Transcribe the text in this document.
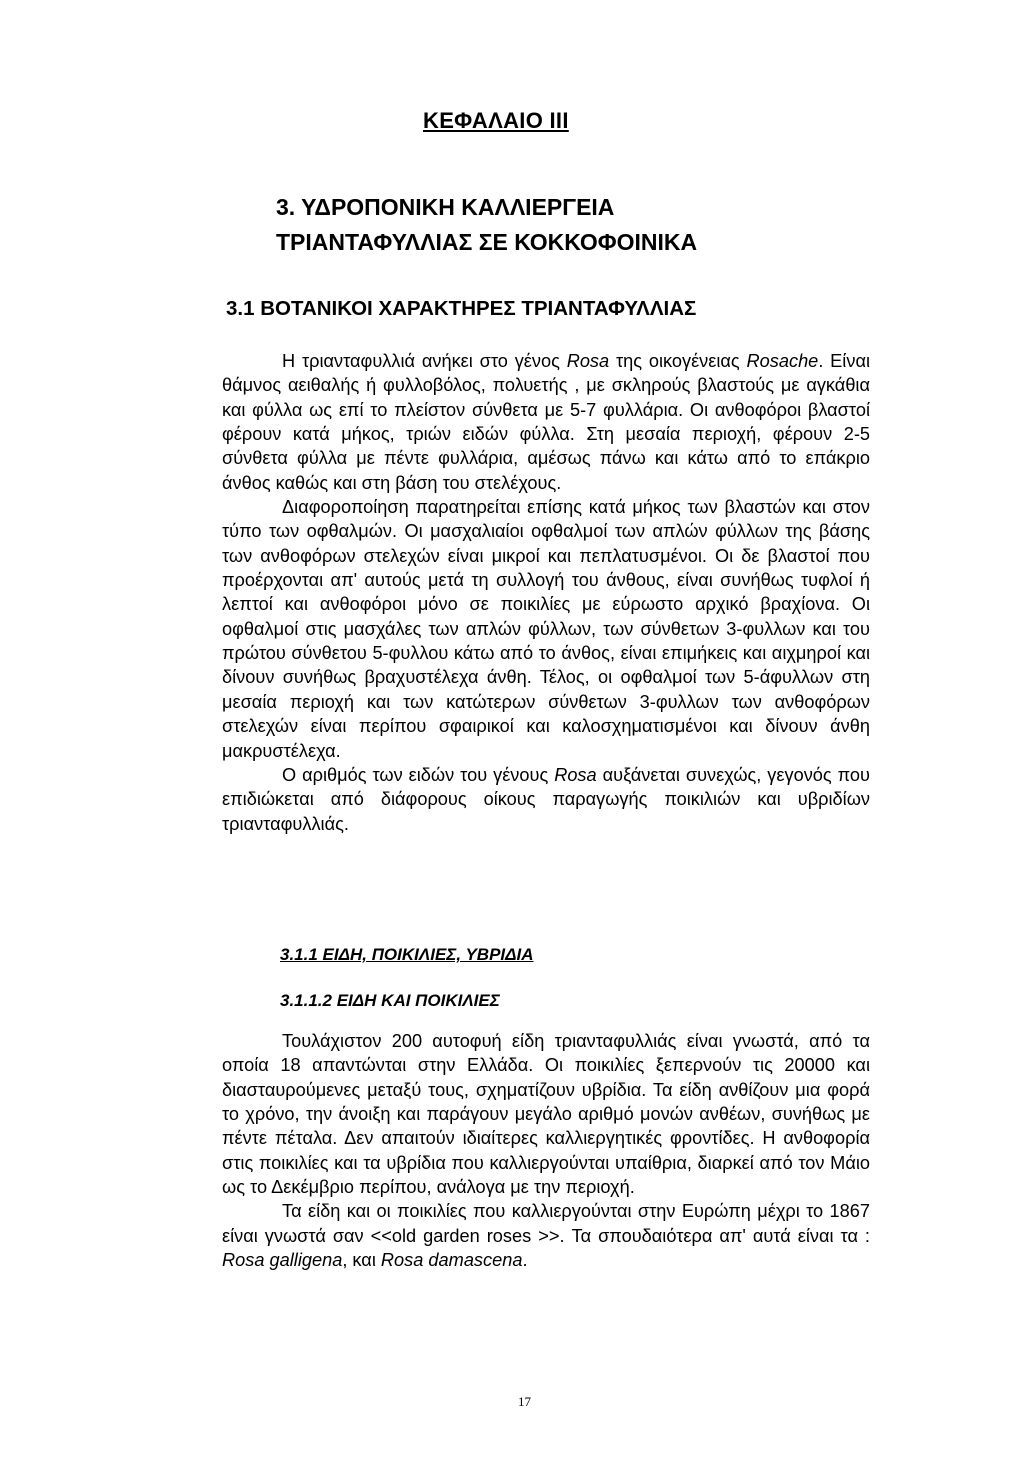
ΚΕΦΑΛΑΙΟ III
3. ΥΔΡΟΠΟΝΙΚΗ ΚΑΛΛΙΕΡΓΕΙΑ
ΤΡΙΑΝΤΑΦΥΛΛΙΑΣ ΣΕ ΚΟΚΚΟΦΟΙΝΙΚΑ
3.1 ΒΟΤΑΝΙΚΟΙ ΧΑΡΑΚΤΗΡΕΣ ΤΡΙΑΝΤΑΦΥΛΛΙΑΣ

Η τριανταφυλλιά ανήκει στο γένος Rosa της οικογένειας Rosache. Είναι θάμνος αειθαλής ή φυλλοβόλος, πολυετής , με σκληρούς βλαστούς με αγκάθια και φύλλα ως επί το πλείστον σύνθετα με 5-7 φυλλάρια. Οι ανθοφόροι βλαστοί φέρουν κατά μήκος, τριών ειδών φύλλα. Στη μεσαία περιοχή, φέρουν 2-5 σύνθετα φύλλα με πέντε φυλλάρια, αμέσως πάνω και κάτω από το επάκριο άνθος καθώς και στη βάση του στελέχους.

Διαφοροποίηση παρατηρείται επίσης κατά μήκος των βλαστών και στον τύπο των οφθαλμών. Οι μασχαλιαίοι οφθαλμοί των απλών φύλλων της βάσης των ανθοφόρων στελεχών είναι μικροί και πεπλατυσμένοι. Οι δε βλαστοί που προέρχονται απ' αυτούς μετά τη συλλογή του άνθους, είναι συνήθως τυφλοί ή λεπτοί και ανθοφόροι μόνο σε ποικιλίες με εύρωστο αρχικό βραχίονα. Οι οφθαλμοί στις μασχάλες των απλών φύλλων, των σύνθετων 3-φυλλων και του πρώτου σύνθετου 5-φυλλου κάτω από το άνθος, είναι επιμήκεις και αιχμηροί και δίνουν συνήθως βραχυστέλεχα άνθη. Τέλος, οι οφθαλμοί των 5-άφυλλων στη μεσαία περιοχή και των κατώτερων σύνθετων 3-φυλλων των ανθοφόρων στελεχών είναι περίπου σφαιρικοί και καλοσχηματισμένοι και δίνουν άνθη μακρυστέλεχα.

Ο αριθμός των ειδών του γένους Rosa αυξάνεται συνεχώς, γεγονός που επιδιώκεται από διάφορους οίκους παραγωγής ποικιλιών και υβριδίων τριανταφυλλιάς.

3.1.1 ΕΙΔΗ, ΠΟΙΚΙΛΙΕΣ, ΥΒΡΙΔΙΑ
3.1.1.2 ΕΙΔΗ ΚΑΙ ΠΟΙΚΙΛΙΕΣ

Τουλάχιστον 200 αυτοφυή είδη τριανταφυλλιάς είναι γνωστά, από τα οποία 18 απαντώνται στην Ελλάδα. Οι ποικιλίες ξεπερνούν τις 20000 και διασταυρούμενες μεταξύ τους, σχηματίζουν υβρίδια. Τα είδη ανθίζουν μια φορά το χρόνο, την άνοιξη και παράγουν μεγάλο αριθμό μονών ανθέων, συνήθως με πέντε πέταλα. Δεν απαιτούν ιδιαίτερες καλλιεργητικές φροντίδες. Η ανθοφορία στις ποικιλίες και τα υβρίδια που καλλιεργούνται υπαίθρια, διαρκεί από τον Μάιο ως το Δεκέμβριο περίπου, ανάλογα με την περιοχή.

Τα είδη και οι ποικιλίες που καλλιεργούνται στην Ευρώπη μέχρι το 1867 είναι γνωστά σαν <<old garden roses >>. Τα σπουδαιότερα απ' αυτά είναι τα : Rosa galligena, και Rosa damascena.

17
